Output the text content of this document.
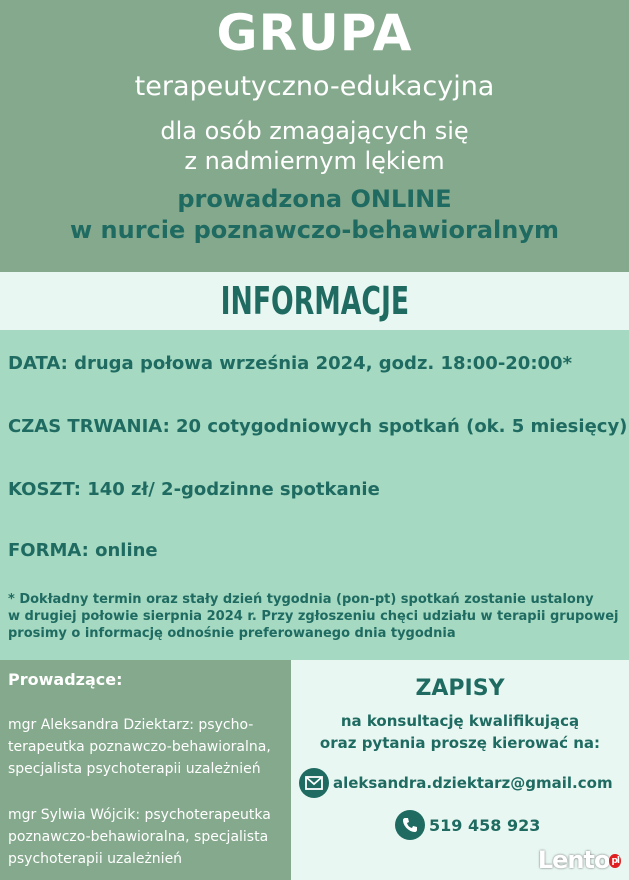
GRUPA
terapeutyczno-edukacyjna
dla osób zmagających się
z nadmiernym lękiem
prowadzona ONLINE
w nurcie poznawczo-behawioralnym
INFORMACJE
DATA: druga połowa września 2024, godz. 18:00-20:00*
CZAS TRWANIA: 20 cotygodniowych spotkań (ok. 5 miesięcy)
KOSZT: 140 zł/ 2-godzinne spotkanie
FORMA: online
* Dokładny termin oraz stały dzień tygodnia (pon-pt) spotkań zostanie ustalony
w drugiej połowie sierpnia 2024 r. Przy zgłoszeniu chęci udziału w terapii grupowej
prosimy o informację odnośnie preferowanego dnia tygodnia
Prowadzące:
mgr Aleksandra Dziektarz: psycho-
terapeutka poznawczo-behawioralna,
specjalista psychoterapii uzależnień
mgr Sylwia Wójcik: psychoterapeutka
poznawczo-behawioralna, specjalista
psychoterapii uzależnień
ZAPISY
na konsultację kwalifikującą
oraz pytania proszę kierować na:
aleksandra.dziektarz@gmail.com
519 458 923
Lento pl
